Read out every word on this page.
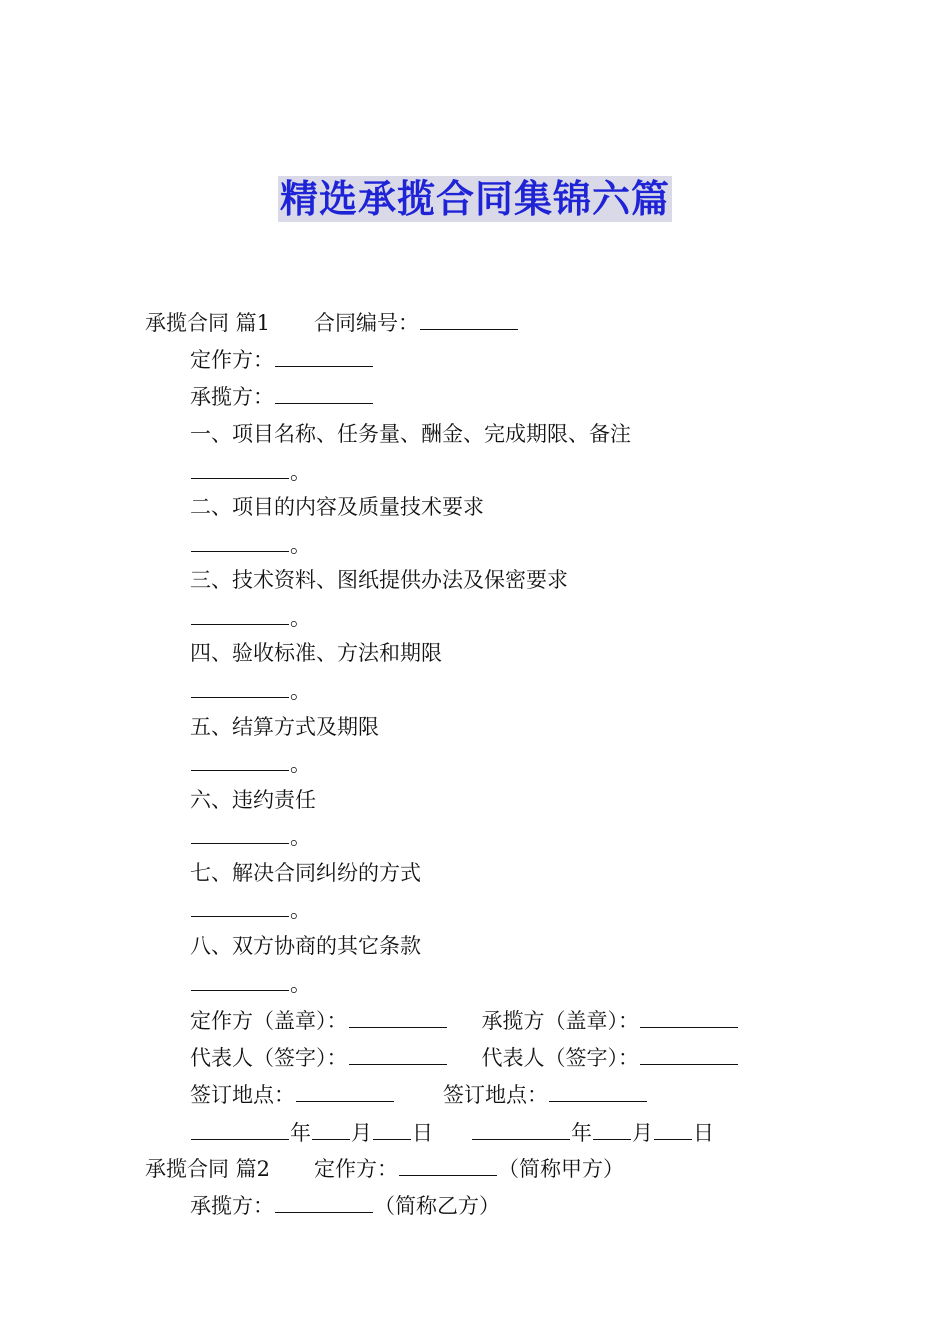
精选承揽合同集锦六篇
承揽合同 篇1 合同编号：
定作方：
承揽方：
一、项目名称、任务量、酬金、完成期限、备注
。
二、项目的内容及质量技术要求
。
三、技术资料、图纸提供办法及保密要求
。
四、验收标准、方法和期限
。
五、结算方式及期限
。
六、违约责任
。
七、解决合同纠纷的方式
。
八、双方协商的其它条款
。
定作方（盖章）：	承揽方（盖章）：
代表人（签字）：	代表人（签字）：
签订地点：	签订地点：
年 月 日	年 月 日
承揽合同 篇2 定作方：	（简称甲方）
承揽方：	（简称乙方）
